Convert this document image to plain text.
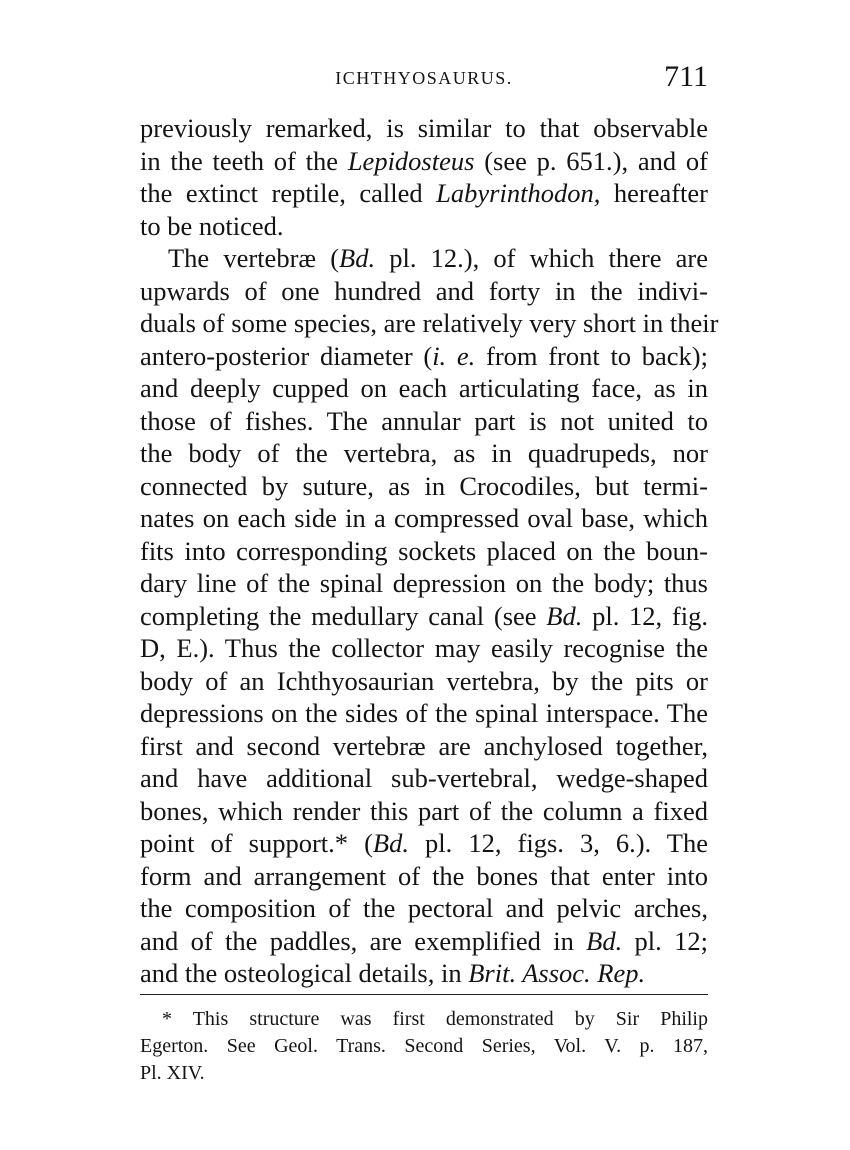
ICHTHYOSAURUS.	711
previously remarked, is similar to that observable
in the teeth of the Lepidosteus (see p. 651.), and of
the extinct reptile, called Labyrinthodon, hereafter
to be noticed.
The vertebræ (Bd. pl. 12.), of which there are
upwards of one hundred and forty in the indivi-
duals of some species, are relatively very short in their
antero-posterior diameter (i. e. from front to back);
and deeply cupped on each articulating face, as in
those of fishes. The annular part is not united to
the body of the vertebra, as in quadrupeds, nor
connected by suture, as in Crocodiles, but termi-
nates on each side in a compressed oval base, which
fits into corresponding sockets placed on the boun-
dary line of the spinal depression on the body; thus
completing the medullary canal (see Bd. pl. 12, fig.
D, E.). Thus the collector may easily recognise the
body of an Ichthyosaurian vertebra, by the pits or
depressions on the sides of the spinal interspace. The
first and second vertebræ are anchylosed together,
and have additional sub-vertebral, wedge-shaped
bones, which render this part of the column a fixed
point of support.* (Bd. pl. 12, figs. 3, 6.). The
form and arrangement of the bones that enter into
the composition of the pectoral and pelvic arches,
and of the paddles, are exemplified in Bd. pl. 12;
and the osteological details, in Brit. Assoc. Rep.
* This structure was first demonstrated by Sir Philip
Egerton. See Geol. Trans. Second Series, Vol. V. p. 187,
Pl. XIV.
